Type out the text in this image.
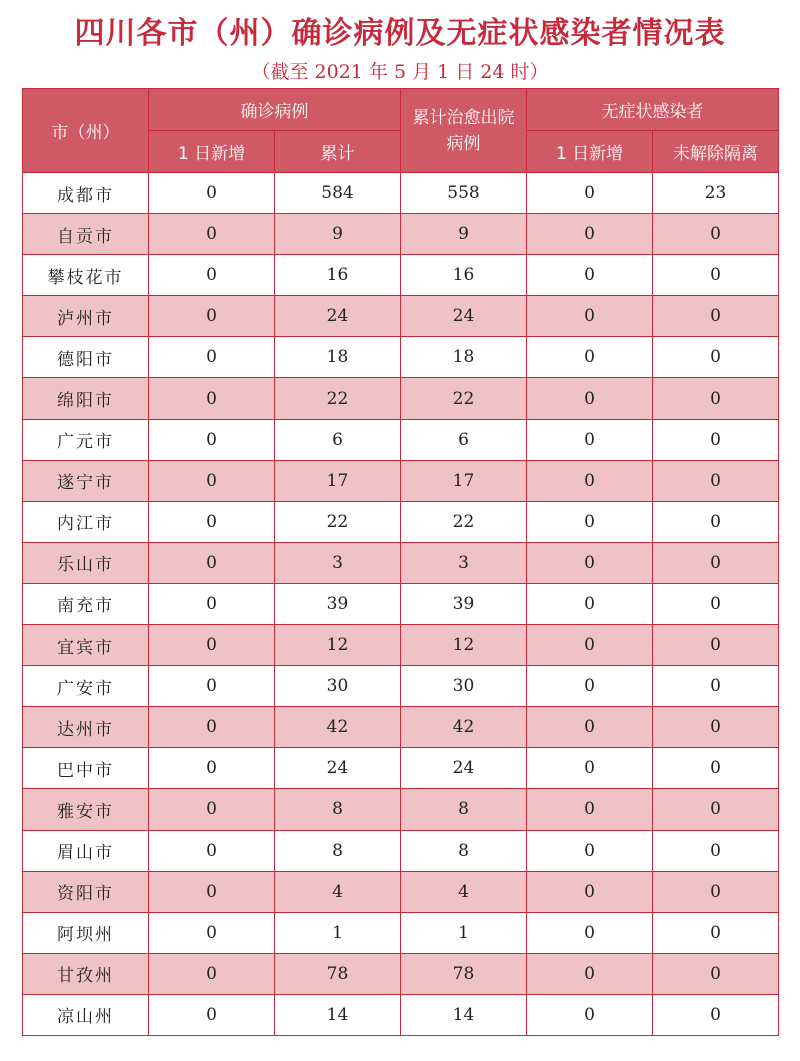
四川各市（州）确诊病例及无症状感染者情况表
（截至 2021 年 5 月 1 日 24 时）
市（州）	确诊病例		累计治愈出院病例	无症状感染者	
	1 日新增	累计		1 日新增	未解除隔离
成都市	0	584	558	0	23
自贡市	0	9	9	0	0
攀枝花市	0	16	16	0	0
泸州市	0	24	24	0	0
德阳市	0	18	18	0	0
绵阳市	0	22	22	0	0
广元市	0	6	6	0	0
遂宁市	0	17	17	0	0
内江市	0	22	22	0	0
乐山市	0	3	3	0	0
南充市	0	39	39	0	0
宜宾市	0	12	12	0	0
广安市	0	30	30	0	0
达州市	0	42	42	0	0
巴中市	0	24	24	0	0
雅安市	0	8	8	0	0
眉山市	0	8	8	0	0
资阳市	0	4	4	0	0
阿坝州	0	1	1	0	0
甘孜州	0	78	78	0	0
凉山州	0	14	14	0	0
